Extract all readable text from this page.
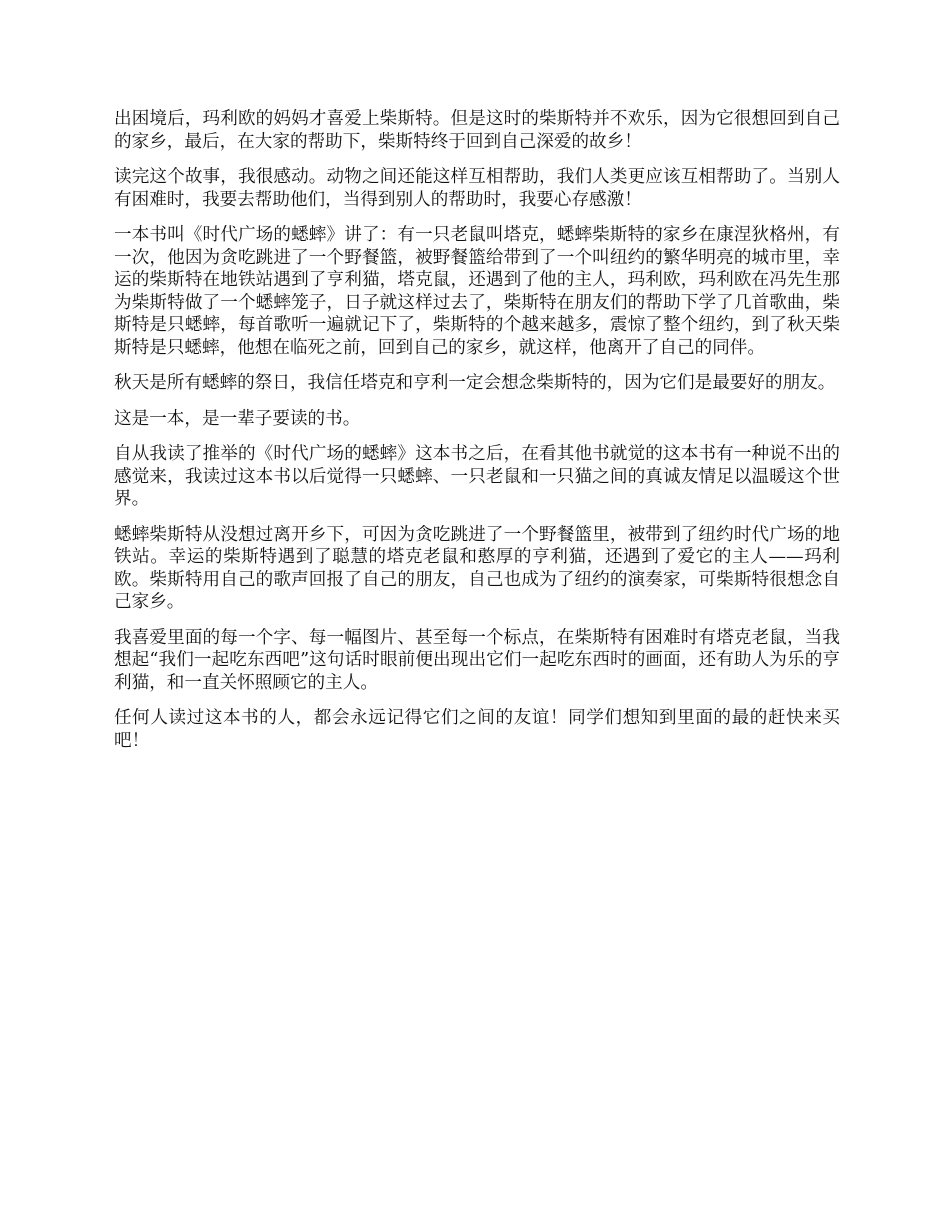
出困境后，玛利欧的妈妈才喜爱上柴斯特。但是这时的柴斯特并不欢乐，因为它很想回到自己的家乡，最后，在大家的帮助下，柴斯特终于回到自己深爱的故乡！

读完这个故事，我很感动。动物之间还能这样互相帮助，我们人类更应该互相帮助了。当别人有困难时，我要去帮助他们，当得到别人的帮助时，我要心存感激！

一本书叫《时代广场的蟋蟀》讲了：有一只老鼠叫塔克，蟋蟀柴斯特的家乡在康涅狄格州，有一次，他因为贪吃跳进了一个野餐篮，被野餐篮给带到了一个叫纽约的繁华明亮的城市里，幸运的柴斯特在地铁站遇到了亨利猫，塔克鼠，还遇到了他的主人，玛利欧，玛利欧在冯先生那为柴斯特做了一个蟋蟀笼子，日子就这样过去了，柴斯特在朋友们的帮助下学了几首歌曲，柴斯特是只蟋蟀，每首歌听一遍就记下了，柴斯特的个越来越多，震惊了整个纽约，到了秋天柴斯特是只蟋蟀，他想在临死之前，回到自己的家乡，就这样，他离开了自己的同伴。

秋天是所有蟋蟀的祭日，我信任塔克和亨利一定会想念柴斯特的，因为它们是最要好的朋友。

这是一本，是一辈子要读的书。

自从我读了推举的《时代广场的蟋蟀》这本书之后，在看其他书就觉的这本书有一种说不出的感觉来，我读过这本书以后觉得一只蟋蟀、一只老鼠和一只猫之间的真诚友情足以温暖这个世界。

蟋蟀柴斯特从没想过离开乡下，可因为贪吃跳进了一个野餐篮里，被带到了纽约时代广场的地铁站。幸运的柴斯特遇到了聪慧的塔克老鼠和憨厚的亨利猫，还遇到了爱它的主人——玛利欧。柴斯特用自己的歌声回报了自己的朋友，自己也成为了纽约的演奏家，可柴斯特很想念自己家乡。

我喜爱里面的每一个字、每一幅图片、甚至每一个标点，在柴斯特有困难时有塔克老鼠，当我想起“我们一起吃东西吧”这句话时眼前便出现出它们一起吃东西时的画面，还有助人为乐的亨利猫，和一直关怀照顾它的主人。

任何人读过这本书的人，都会永远记得它们之间的友谊！同学们想知到里面的最的赶快来买吧！
